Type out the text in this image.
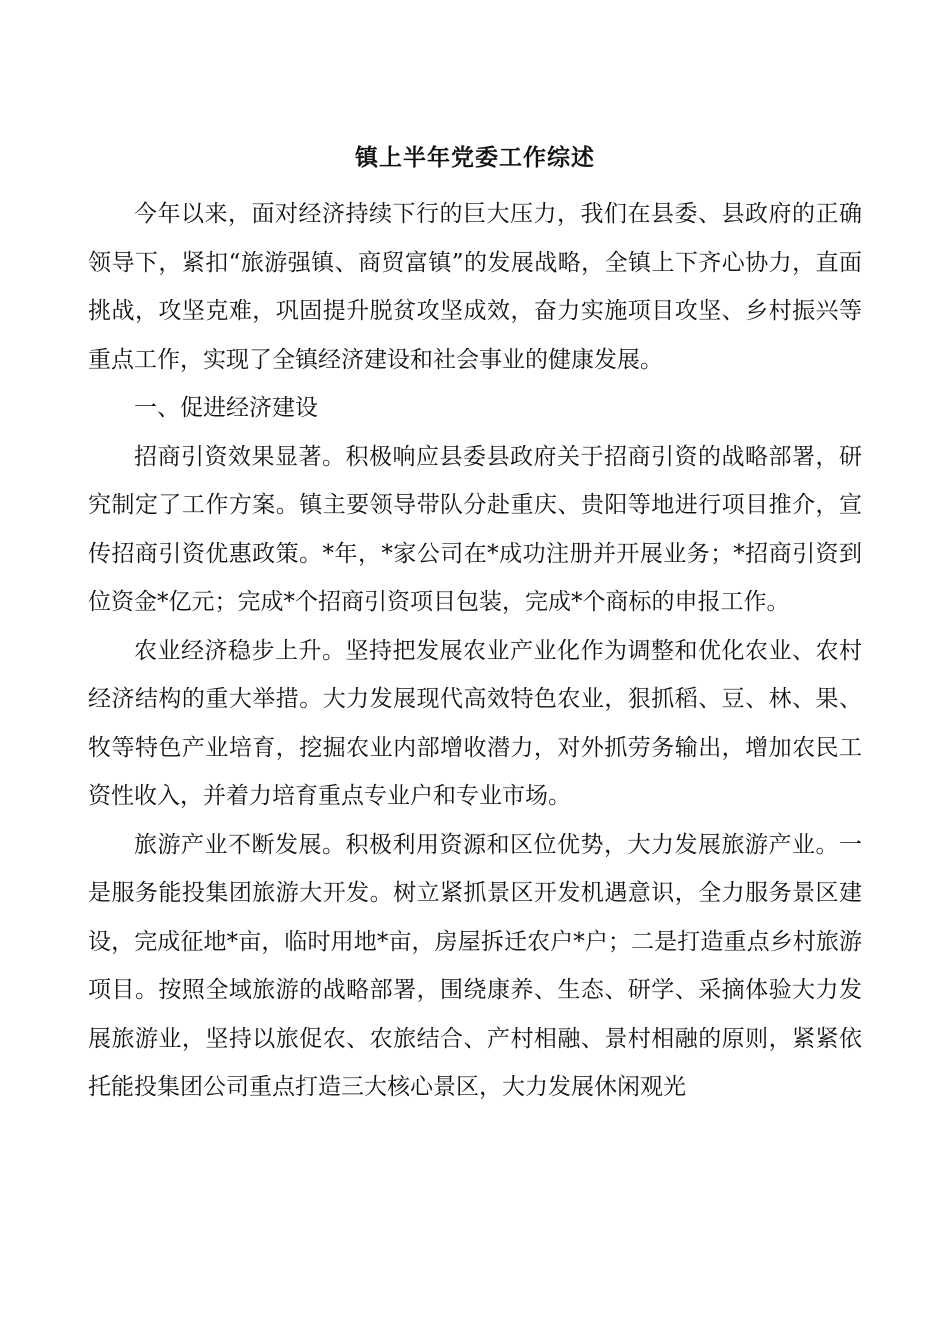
镇上半年党委工作综述

今年以来，面对经济持续下行的巨大压力，我们在县委、县政府的正确领导下，紧扣“旅游强镇、商贸富镇”的发展战略，全镇上下齐心协力，直面挑战，攻坚克难，巩固提升脱贫攻坚成效，奋力实施项目攻坚、乡村振兴等重点工作，实现了全镇经济建设和社会事业的健康发展。

一、促进经济建设

招商引资效果显著。积极响应县委县政府关于招商引资的战略部署，研究制定了工作方案。镇主要领导带队分赴重庆、贵阳等地进行项目推介，宣传招商引资优惠政策。*年，*家公司在*成功注册并开展业务；*招商引资到位资金*亿元；完成*个招商引资项目包装，完成*个商标的申报工作。

农业经济稳步上升。坚持把发展农业产业化作为调整和优化农业、农村经济结构的重大举措。大力发展现代高效特色农业，狠抓稻、豆、林、果、牧等特色产业培育，挖掘农业内部增收潜力，对外抓劳务输出，增加农民工资性收入，并着力培育重点专业户和专业市场。

旅游产业不断发展。积极利用资源和区位优势，大力发展旅游产业。一是服务能投集团旅游大开发。树立紧抓景区开发机遇意识，全力服务景区建设，完成征地*亩，临时用地*亩，房屋拆迁农户*户；二是打造重点乡村旅游项目。按照全域旅游的战略部署，围绕康养、生态、研学、采摘体验大力发展旅游业，坚持以旅促农、农旅结合、产村相融、景村相融的原则，紧紧依托能投集团公司重点打造三大核心景区，大力发展休闲观光
